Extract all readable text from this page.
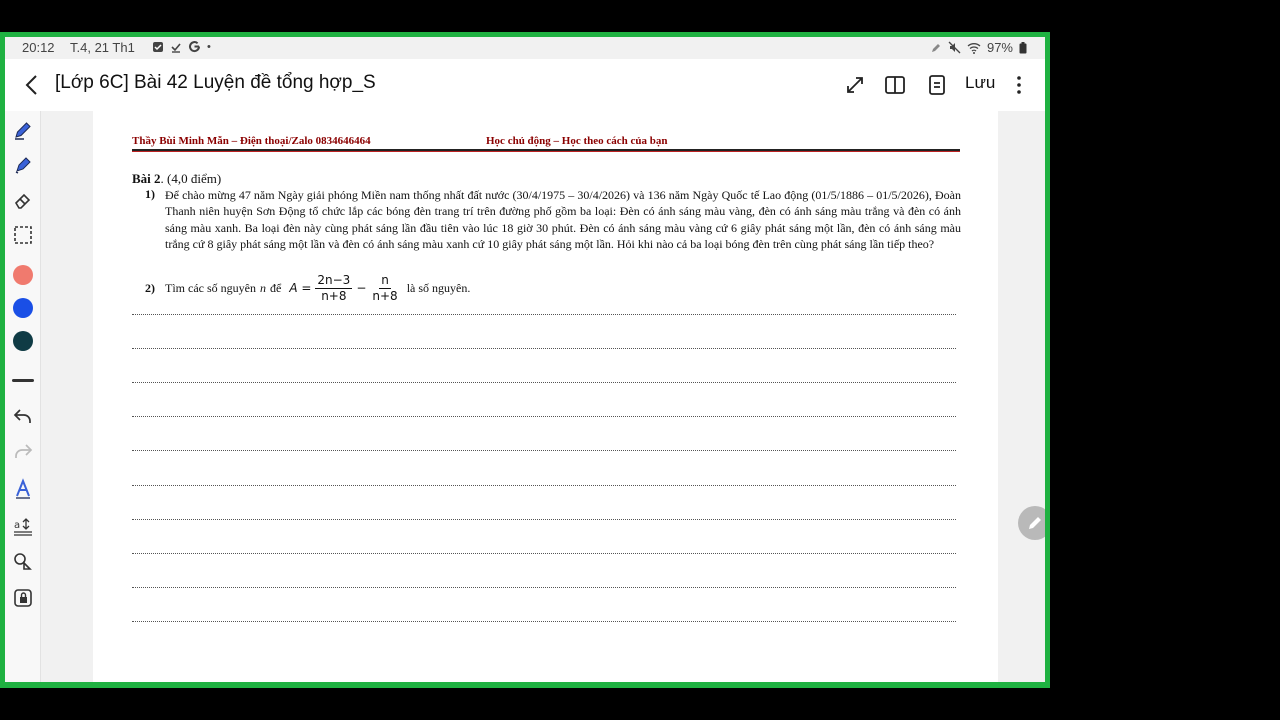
20:12 T.4, 21 Th1	•	97%
[Lớp 6C] Bài 42 Luyện đề tổng hợp_S	Lưu
Thầy Bùi Minh Mẫn – Điện thoại/Zalo 0834646464	Học chủ động – Học theo cách của bạn
Bài 2. (4,0 điểm)
1) Để chào mừng 47 năm Ngày giải phóng Miền nam thống nhất đất nước (30/4/1975 – 30/4/2026) và 136 năm Ngày Quốc tế Lao động (01/5/1886 – 01/5/2026), Đoàn Thanh niên huyện Sơn Động tổ chức lắp các bóng đèn trang trí trên đường phố gồm ba loại: Đèn có ánh sáng màu vàng, đèn có ánh sáng màu trắng và đèn có ánh sáng màu xanh. Ba loại đèn này cùng phát sáng lần đầu tiên vào lúc 18 giờ 30 phút. Đèn có ánh sáng màu vàng cứ 6 giây phát sáng một lần, đèn có ánh sáng màu trắng cứ 8 giây phát sáng một lần và đèn có ánh sáng màu xanh cứ 10 giây phát sáng một lần. Hỏi khi nào cả ba loại bóng đèn trên cùng phát sáng lần tiếp theo?
2) Tìm các số nguyên n để $A = \frac{2n-3}{n+8} - \frac{n}{n+8}$ là số nguyên.
a
